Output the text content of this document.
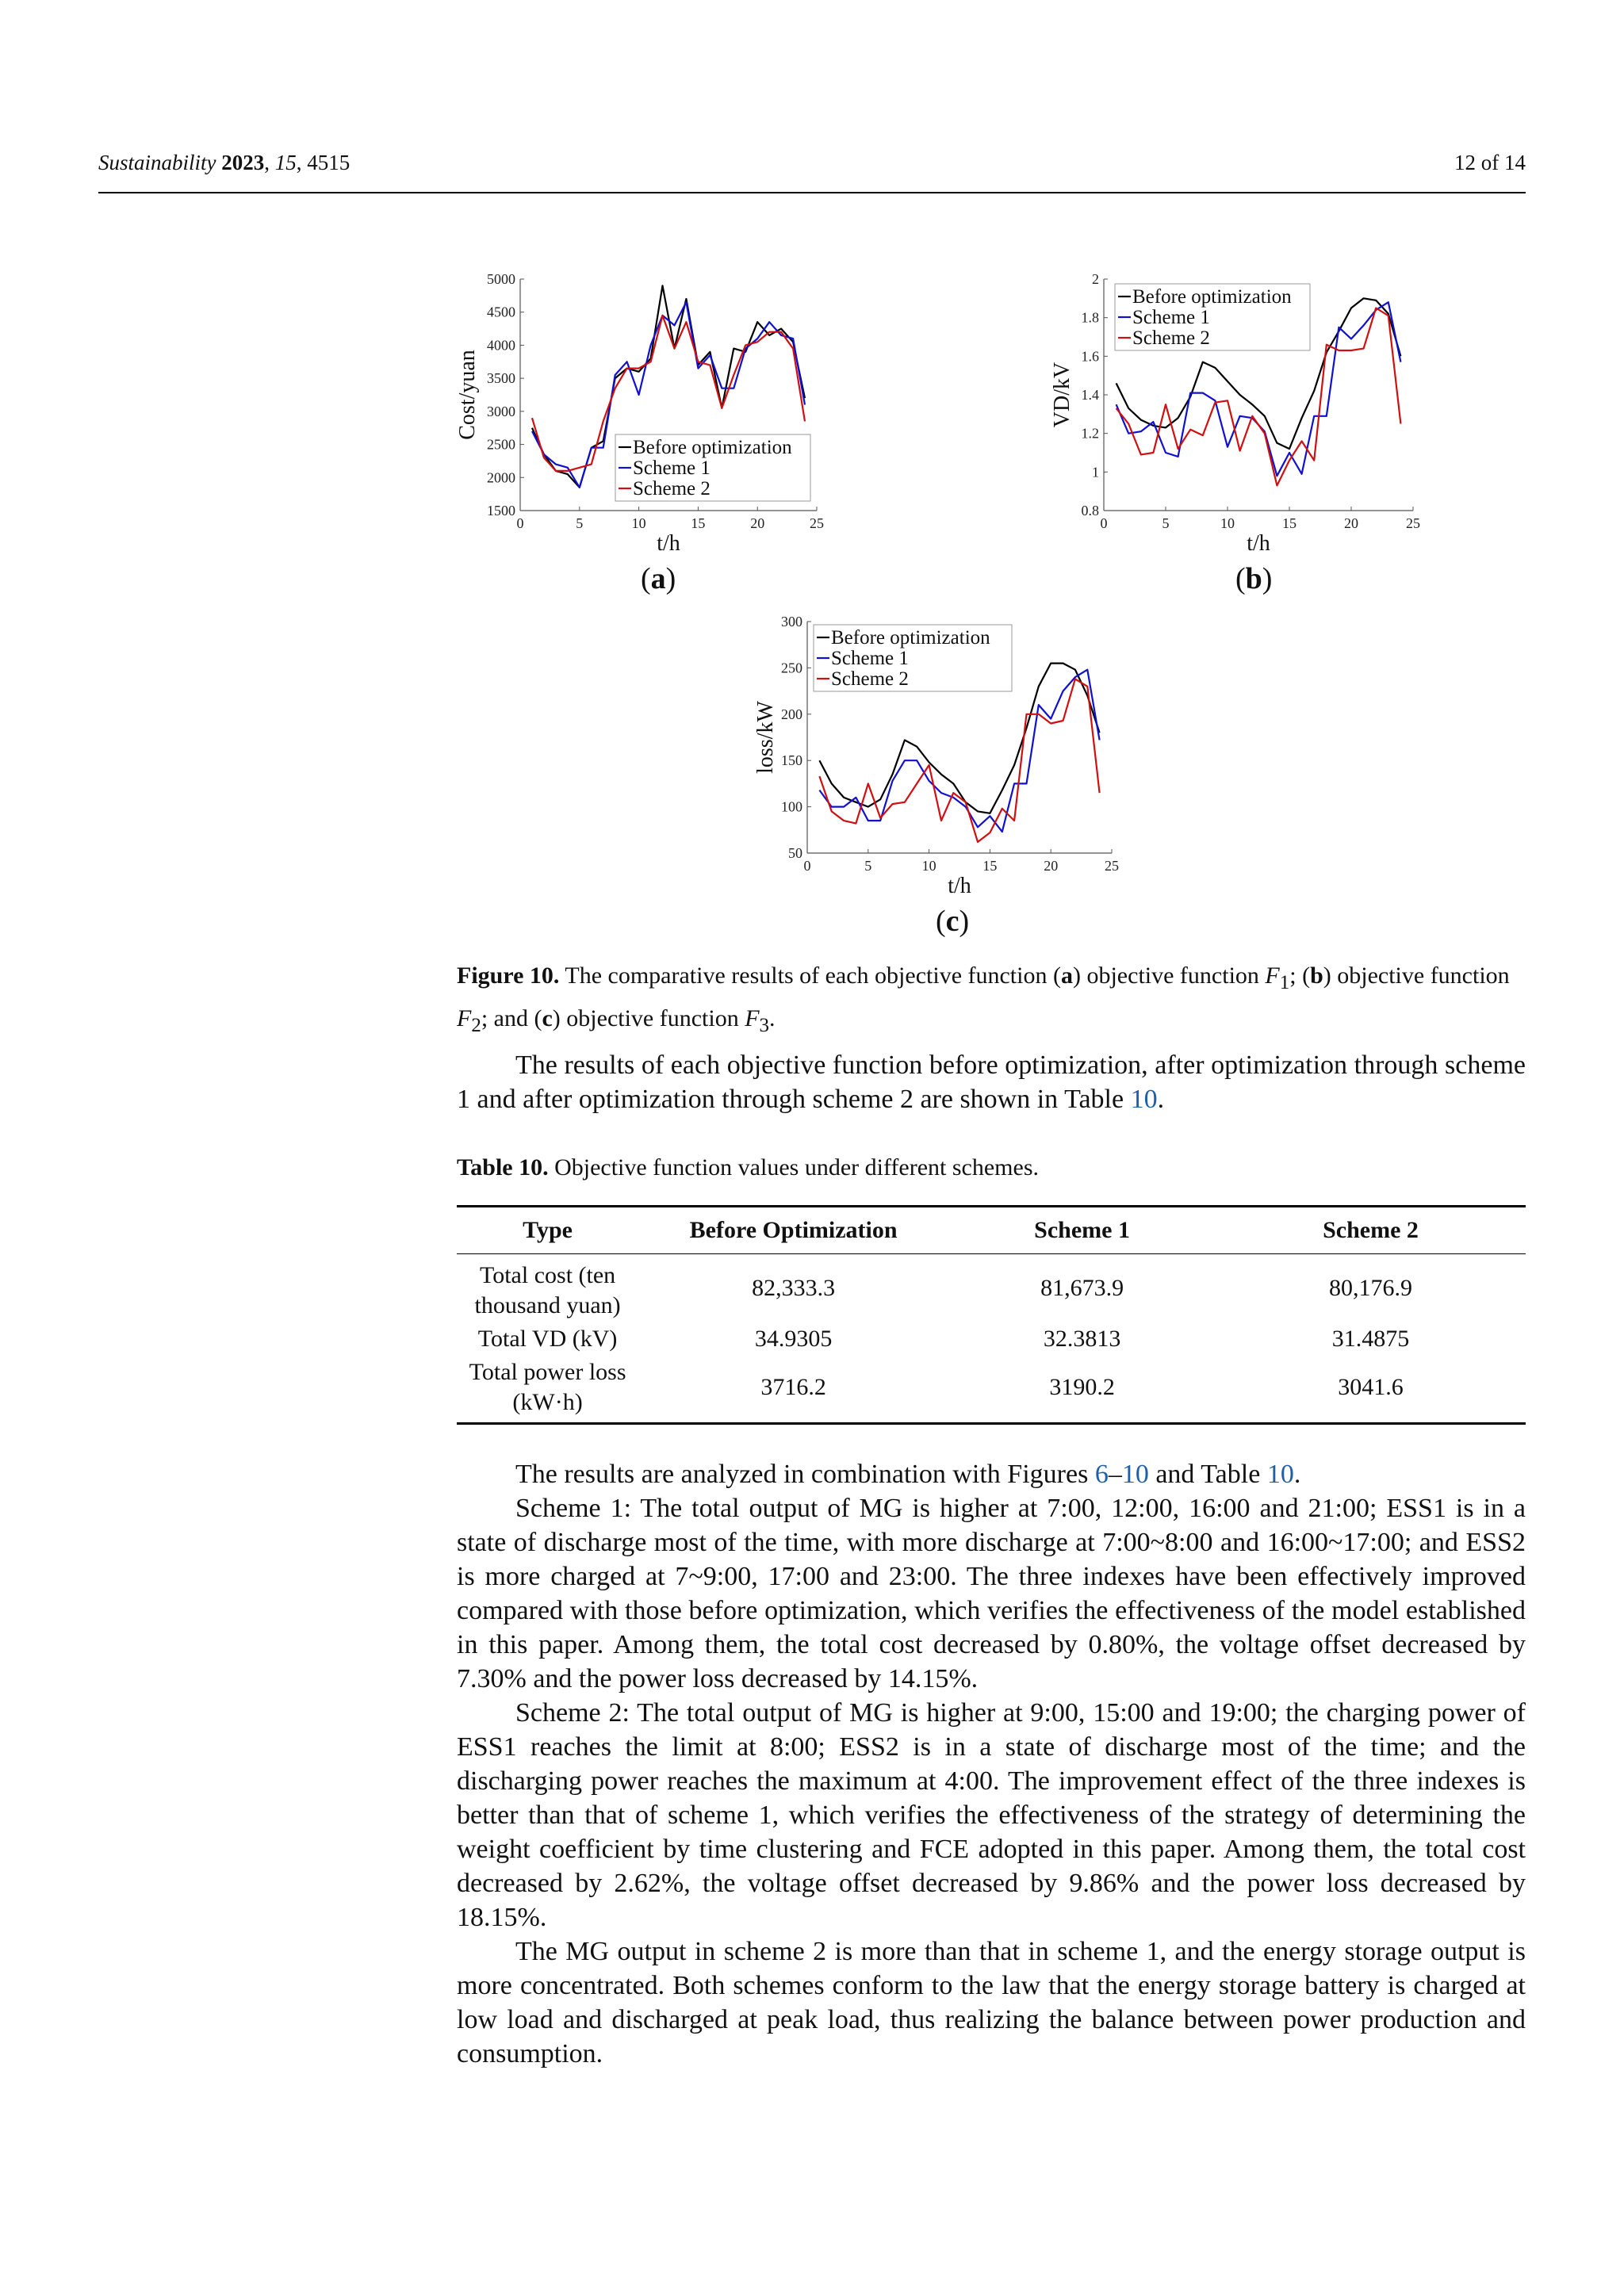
Sustainability 2023, 15, 4515	12 of 14
1500
2000
2500
3000
3500
4000
4500
5000
0	5	10	15	20	25
t/h
Cost/yuan
Before optimization
Scheme 1
Scheme 2
(a)
0.8
1
1.2
1.4
1.6
1.8
2
0	5	10	15	20	25
t/h
VD/kV
Before optimization
Scheme 1
Scheme 2
(b)
50
100
150
200
250
300
0	5	10	15	20	25
t/h
loss/kW
Before optimization
Scheme 1
Scheme 2
(c)
Figure 10. The comparative results of each objective function (a) objective function $F_1$; (b) objective function $F_2$; and (c) objective function $F_3$.

The results of each objective function before optimization, after optimization through scheme 1 and after optimization through scheme 2 are shown in Table 10.

Table 10. Objective function values under different schemes.
Type	Before Optimization	Scheme 1	Scheme 2
Total cost (ten
thousand yuan)	82,333.3	81,673.9	80,176.9
Total VD (kV)	34.9305	32.3813	31.4875
Total power loss
(kW·h)	3716.2	3190.2	3041.6

The results are analyzed in combination with Figures 6–10 and Table 10.

Scheme 1: The total output of MG is higher at 7:00, 12:00, 16:00 and 21:00; ESS1 is in a state of discharge most of the time, with more discharge at 7:00~8:00 and 16:00~17:00; and ESS2 is more charged at 7~9:00, 17:00 and 23:00. The three indexes have been effectively improved compared with those before optimization, which verifies the effectiveness of the model established in this paper. Among them, the total cost decreased by 0.80%, the voltage offset decreased by 7.30% and the power loss decreased by 14.15%.

Scheme 2: The total output of MG is higher at 9:00, 15:00 and 19:00; the charging power of ESS1 reaches the limit at 8:00; ESS2 is in a state of discharge most of the time; and the discharging power reaches the maximum at 4:00. The improvement effect of the three indexes is better than that of scheme 1, which verifies the effectiveness of the strategy of determining the weight coefficient by time clustering and FCE adopted in this paper. Among them, the total cost decreased by 2.62%, the voltage offset decreased by 9.86% and the power loss decreased by 18.15%.

The MG output in scheme 2 is more than that in scheme 1, and the energy storage output is more concentrated. Both schemes conform to the law that the energy storage battery is charged at low load and discharged at peak load, thus realizing the balance between power production and consumption.
